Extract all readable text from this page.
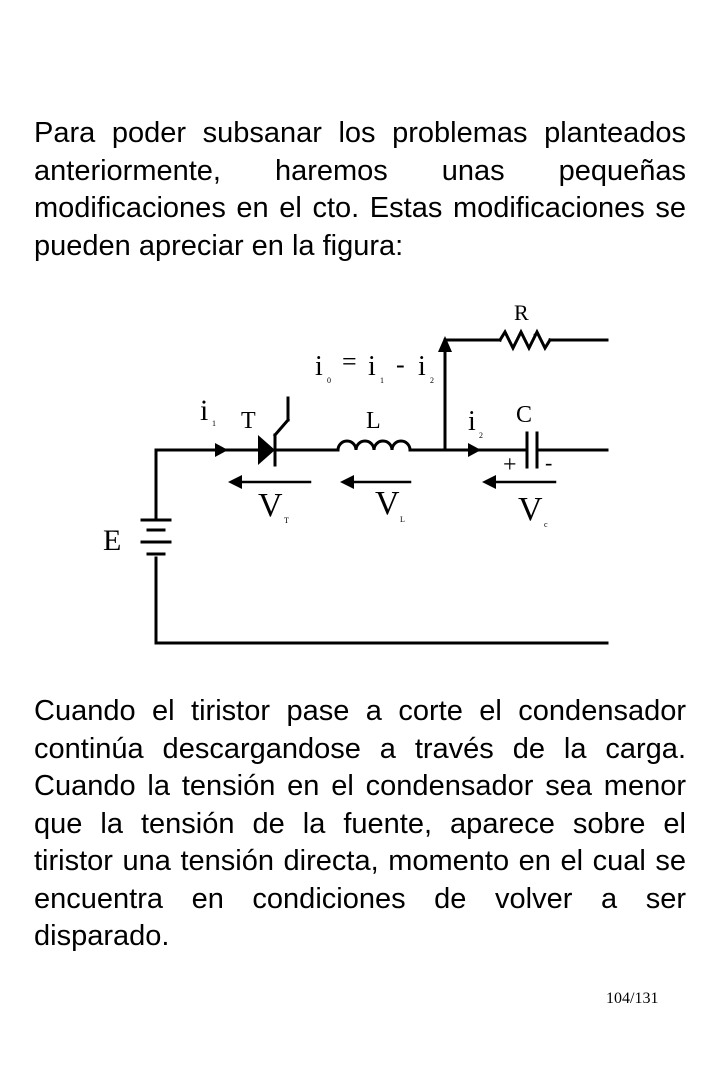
Para poder subsanar los problemas planteados anteriormente, haremos unas pequeñas modificaciones en el cto. Estas modificaciones se pueden apreciar en la figura:

R
i 0
= i 1
- i 2
i 1 T	L	i 2
C
+ -
V T	V L	V c
E

Cuando el tiristor pase a corte el condensador continúa descargandose a través de la carga. Cuando la tensión en el condensador sea menor que la tensión de la fuente, aparece sobre el tiristor una tensión directa, momento en el cual se encuentra en condiciones de volver a ser disparado.

104/131
